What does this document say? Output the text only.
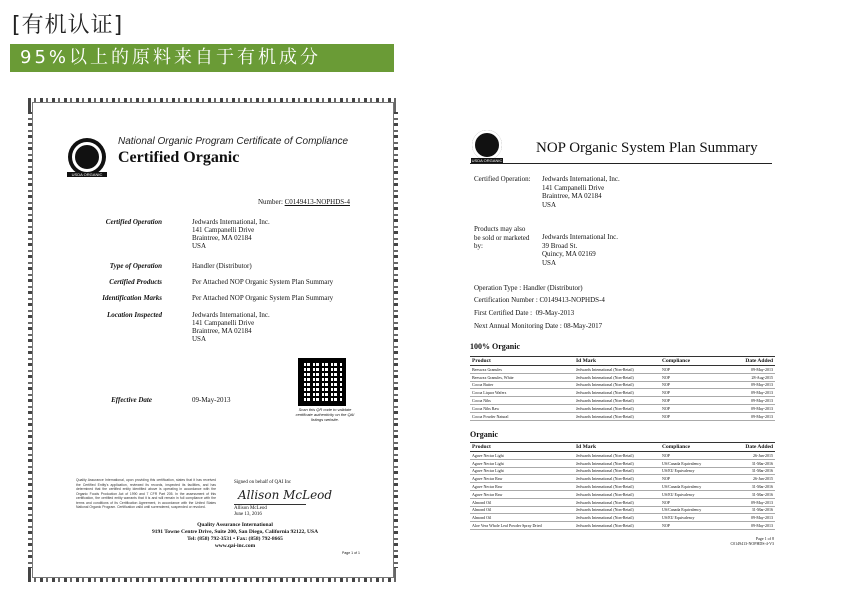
[有机认证]
95%以上的原料来自于有机成分
USDA ORGANIC
National Organic Program Certificate of Compliance
Certified Organic
Number: C0149413-NOPHDS-4
Certified Operation	Jedwards International, Inc.
141 Campanelli Drive
Braintree, MA 02184
USA
Type of Operation	Handler (Distributor)
Certified Products	Per Attached NOP Organic System Plan Summary
Identification Marks	Per Attached NOP Organic System Plan Summary
Location Inspected	Jedwards International, Inc.
141 Campanelli Drive
Braintree, MA 02184
USA
Effective Date	09-May-2013
Scan this QR code to validate certificate authenticity on the QAI listings website.
Quality Assurance International, upon providing this certification, states that it has received the Certified Entity's application, reviewed its records, inspected its facilities, and has determined that the certified entity identified above is operating in accordance with the Organic Foods Production Act of 1990 and 7 CFR Part 205. In the assessment of this certification, the certified entity warrants that it is and will remain in full compliance with the terms and conditions of its Certification Agreement, in accordance with the United States National Organic Program. Certification valid until surrendered, suspended or revoked.
Signed on behalf of QAI Inc
Allison McLeod
Allison McLeod
June 13, 2016
Quality Assurance International
9191 Towne Centre Drive, Suite 200, San Diego, California 92122, USA
Tel: (858) 792-3531 • Fax: (858) 792-8665
www.qai-inc.com
Page 1 of 1
USDA ORGANIC
NOP Organic System Plan Summary
Certified Operation: Jedwards International, Inc.
141 Campanelli Drive
Braintree, MA 02184
USA
Products may also
be sold or marketed
by:
Jedwards International Inc.
39 Broad St.
Quincy, MA 02169
USA
Operation Type : Handler (Distributor)
Certification Number : C0149413-NOPHDS-4
First Certified Date :  09-May-2013
Next Annual Monitoring Date : 08-May-2017
100% Organic
Product	Id Mark	Compliance	Date Added
Beeswax Granules	Jedwards International (Non-Retail)	NOP	09-May-2013
Beeswax Granules, White	Jedwards International (Non-Retail)	NOP	28-Aug-2015
Cocoa Butter	Jedwards International (Non-Retail)	NOP	09-May-2013
Cocoa Liquor Wafers	Jedwards International (Non-Retail)	NOP	09-May-2013
Cocoa Nibs	Jedwards International (Non-Retail)	NOP	09-May-2013
Cocoa Nibs Raw	Jedwards International (Non-Retail)	NOP	09-May-2013
Cocoa Powder Natural	Jedwards International (Non-Retail)	NOP	09-May-2013
Organic
Product	Id Mark	Compliance	Date Added
Agave Nectar Light	Jedwards International (Non-Retail)	NOP	26-Jan-2015
Agave Nectar Light	Jedwards International (Non-Retail)	US/Canada Equivalency	31-Mar-2016
Agave Nectar Light	Jedwards International (Non-Retail)	US/EU Equivalency	31-Mar-2016
Agave Nectar Raw	Jedwards International (Non-Retail)	NOP	26-Jan-2015
Agave Nectar Raw	Jedwards International (Non-Retail)	US/Canada Equivalency	31-Mar-2016
Agave Nectar Raw	Jedwards International (Non-Retail)	US/EU Equivalency	31-Mar-2016
Almond Oil	Jedwards International (Non-Retail)	NOP	09-May-2013
Almond Oil	Jedwards International (Non-Retail)	US/Canada Equivalency	31-Mar-2016
Almond Oil	Jedwards International (Non-Retail)	US/EU Equivalency	09-May-2013
Aloe Vera Whole Leaf Powder Spray Dried	Jedwards International (Non-Retail)	NOP	09-May-2013
Page 1 of 8
C0149413-NOPHDS-4-V3
